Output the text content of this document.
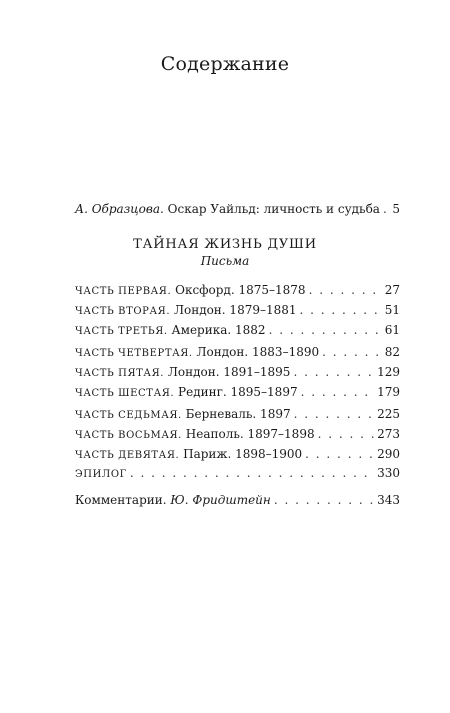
Содержание
А. Образцова. Оскар Уайльд: личность и судьба . . . 5
ТАЙНАЯ ЖИЗНЬ ДУШИ
Письма
ЧАСТЬ ПЕРВАЯ. Оксфорд. 1875–1878 . . .	27
ЧАСТЬ ВТОРАЯ. Лондон. 1879–1881 . . .	51
ЧАСТЬ ТРЕТЬЯ. Америка. 1882 . . .	61
ЧАСТЬ ЧЕТВЕРТАЯ. Лондон. 1883–1890 . . .	82
ЧАСТЬ ПЯТАЯ. Лондон. 1891–1895 . . .	129
ЧАСТЬ ШЕСТАЯ. Рединг. 1895–1897 . . .	179
ЧАСТЬ СЕДЬМАЯ. Берневаль. 1897 . . .	225
ЧАСТЬ ВОСЬМАЯ. Неаполь. 1897–1898 . . .	273
ЧАСТЬ ДЕВЯТАЯ. Париж. 1898–1900 . . .	290
ЭПИЛОГ . . .	330
Комментарии. Ю. Фридштейн . . .	343
